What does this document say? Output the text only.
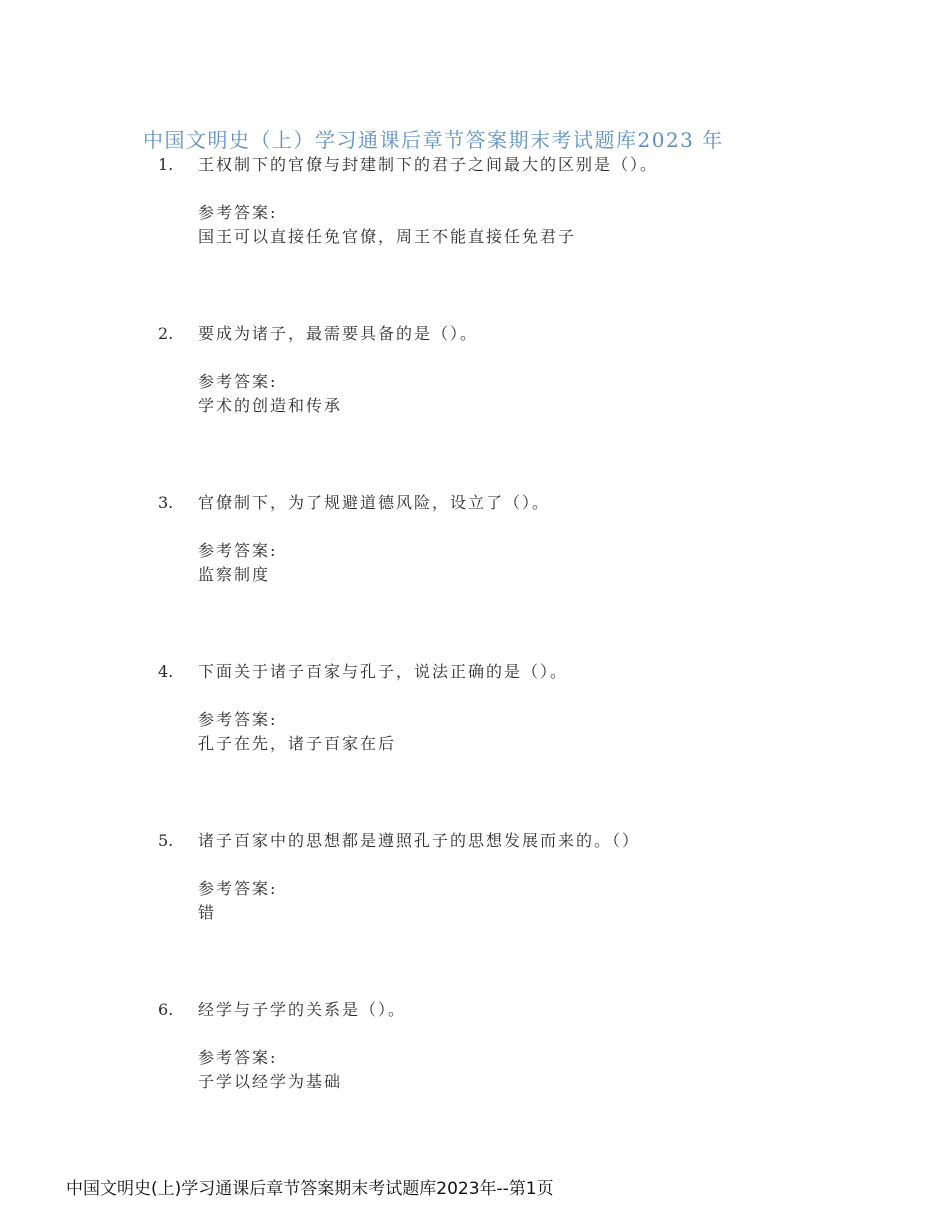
中国文明史（上）学习通课后章节答案期末考试题库2023 年
1. 王权制下的官僚与封建制下的君子之间最大的区别是（）。
参考答案:
国王可以直接任免官僚，周王不能直接任免君子
2. 要成为诸子，最需要具备的是（）。
参考答案:
学术的创造和传承
3. 官僚制下，为了规避道德风险，设立了（）。
参考答案:
监察制度
4. 下面关于诸子百家与孔子，说法正确的是（）。
参考答案:
孔子在先，诸子百家在后
5. 诸子百家中的思想都是遵照孔子的思想发展而来的。（）
参考答案:
错
6. 经学与子学的关系是（）。
参考答案:
子学以经学为基础
中国文明史(上)学习通课后章节答案期末考试题库2023年--第1页
